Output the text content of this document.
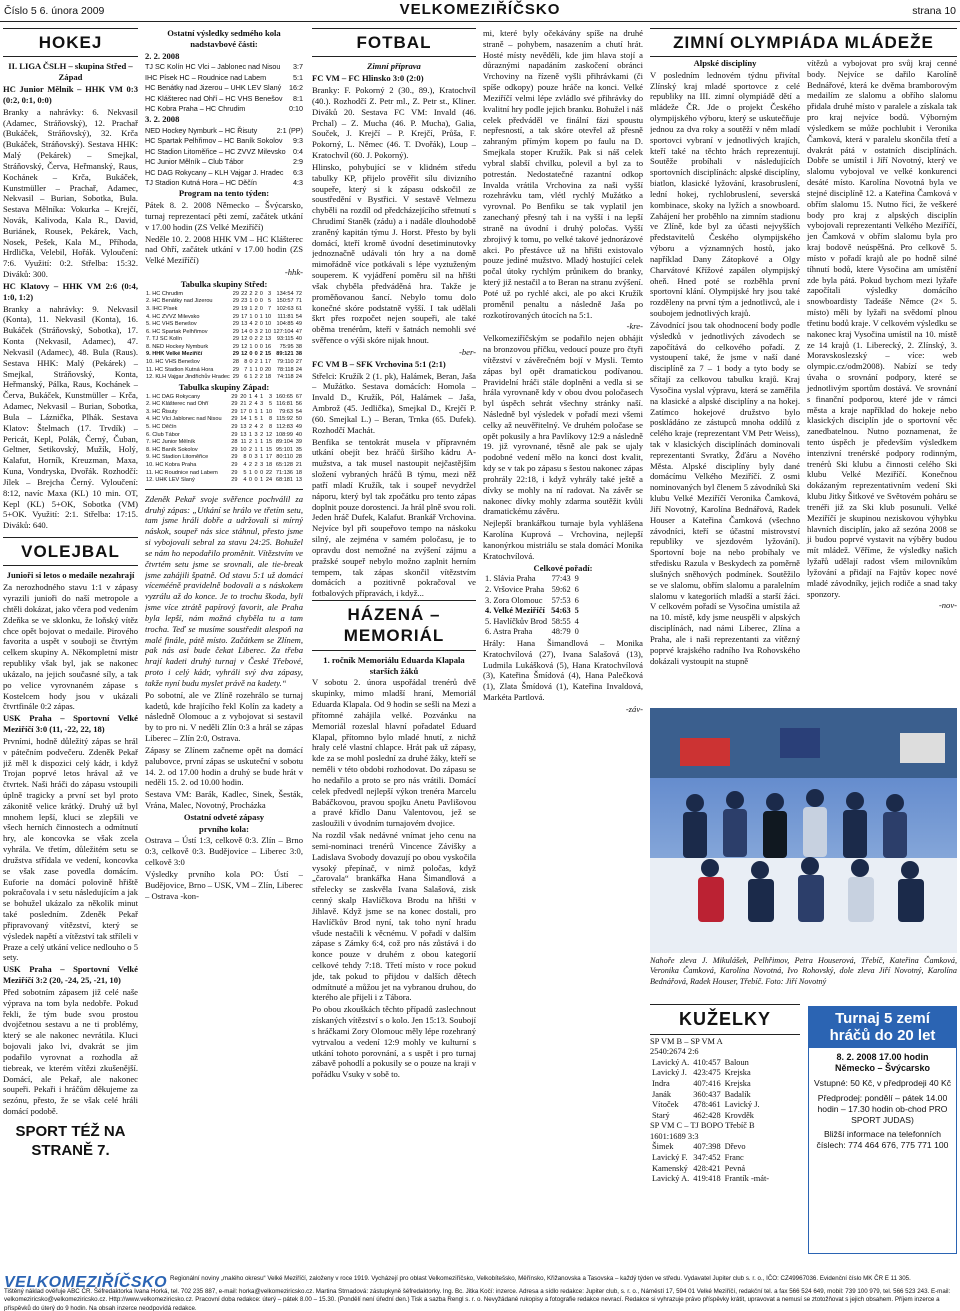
Číslo 5 6. února 2009	VELKOMEZIŘÍČSKO	strana 10
HOKEJ

II. LIGA ČSLH – skupina Střed – Západ

HC Junior Mělník – HHK VM 0:3 (0:2, 0:1, 0:0)

Branky a nahrávky: 6. Nekvasil (Adamec, Stráňovský), 12. Prachař (Bukáček, Stráňovský), 32. Krča (Bukáček, Stráňovský). Sestava HHK: Malý (Pekárek) – Smejkal, Stráňovský, Červa, Heřmanský, Raus, Kochánek – Krča, Bukáček, Kunstmüller – Prachař, Adamec, Nekvasil – Burian, Sobotka, Bula. Sestava Mělníka: Vokurka – Krejčí, Novák, Kalivoda, Kala R., David, Buriánek, Rousek, Pekárek, Vach, Nosek, Pešek, Kala M., Příhoda, Hrdlička, Velebil, Hořák. Vyloučení: 7:6. Využití: 0:2. Střelba: 15:32. Diváků: 300.

HC Klatovy – HHK VM 2:6 (0:4, 1:0, 1:2)

Branky a nahrávky: 9. Nekvasil (Konta), 11. Nekvasil (Konta), 16. Bukáček (Stráňovský, Sobotka), 17. Konta (Nekvasil, Adamec), 47. Nekvasil (Adamec), 48. Bula (Raus). Sestava HHK: Malý (Pekárek) – Smejkal, Stráňovský, Konta, Heřmanský, Pálka, Raus, Kochánek – Červa, Bukáček, Kunstmüller – Krča, Adamec, Nekvasil – Burian, Sobotka, Bula – Láznička, Plhák. Sestava Klatov: Štelmach (17. Trvdík) – Pericát, Kepl, Polák, Černý, Čuban, Geltner, Setikovský, Mužík, Holý, Kalafut, Horník, Kreuzman, Maxa, Kuna, Vondryska, Dvořák. Rozhodčí: Jílek – Brejcha Černý. Vyloučení: 8:12, navíc Maxa (KL) 10 min. OT, Kepl (KL) 5+OK, Sobotka (VM) 5+OK. Využití: 2:1. Střelba: 17:15. Diváků: 640.

VOLEJBAL

Junioři si letos o medaile nezahrají

Za nerozhodného stavu 1:1 v zápasy vyrazili junioři do naší metropole a chtěli dokázat, jako včera pod vedením Zdeňka se ve sklonku, že loňský vítěz chce opět bojovat o medaile. Pirového favorita a uspět v souboji se čtvrtým celkem skupiny A. Někompletní mistr republiky však byl, jak se nakonec ukázalo, na jejich současné síly, a tak po velice vyrovnaném zápase s Kostelcem hody jsou v ukázali čtvrtfinále 0:2 zápas.

USK Praha – Sportovní Velké Meziříčí 3:0 (11, -22, 22, 18)

Prvními, hodně důležitý zápas se hrál v pátečním podvečeru. Zdeněk Pekař již měl k dispozici celý kádr, i když Trojan poprvé letos hrával až ve čtvrtek. Naši hráči do zápasu vstoupili úplně tragicky a první set byl proto zákonitě velice krátký. Druhý už byl mnohem lepší, kluci se zlepšili ve všech herních činnostech a odmítnutí hry, ale koncovka se však zcela vyhrála. Ve třetím, důležitém setu se družstva střídala ve vedení, koncovka se však zase povedla domácím. Euforie na domácí polovině hřiště pokračovala i v setu následujícím a jak se bohužel ukázalo za několik minut také posledním. Zdeněk Pekař připravovaný vítězství, který se výsledek napětí a vítězství tak stříleli v Praze a celý utkání velice nedlouho o 5 sety.

USK Praha – Sportovní Velké Meziříčí 3:2 (20, -24, 25, -21, 10)

Před sobotním zápasem již celé naše výprava na tom byla nedobře. Pokud řekli, že tým bude svou prostou dvojčetnou sestavu a ne ti problémy, který se ale nakonec nevrátila. Kluci bojovali jako lvi, dvakrát se jim podařilo vyrovnat a rozhodla až tiebreak, ve kterém vítězi zkušenější. Domácí, ale Pekař, ale nakonec soupeři. Pekaři i hráčům děkujeme za sezónu, přesto, že se však celé hráli domácí podobě.

SPORT TÉŽ NA STRANĚ 7.

Ostatní výsledky sedmého kola nadstavbové části:

2. 2. 2008

TJ SC Kolín HC Vlci – Jablonec nad Nisou 3:7
IHC Písek HC – Roudnice nad Labem	5:1
HC Benátky nad Jizerou – UHK LEV Slaný 16:2
HC Klášterec nad Ohří – HC VHS Benešov 8:1
HC Kobra Praha – HC Chrudim	0:10

3. 2. 2008

NED Hockey Nymburk – HC Řisuty	2:1 (PP)
HC Spartak Pelhřimov – HC Baník Sokolov 9:3
HC Stadion Litoměřice – HC ZVVZ Milevsko 0:4
HC Junior Mělník – Club Tábor	2:9
HC DAG Rokycany – KLH Vajgar J. Hradec 6:3
TJ Stadion Kutná Hora – HC Děčín	4:3

Program na tento týden:

Pátek 8. 2. 2008 Německo – Švýcarsko, turnaj reprezentací pěti zemí, začátek utkání v 17.00 hodin (ZS Velké Meziříčí)

Neděle 10. 2. 2008 HHK VM – HC Klášterec nad Ohří, začátek utkání v 17.00 hodin (ZS Velké Meziříčí)

-hhk-

Tabulka skupiny Střed:

1. HC Chrudim	29	22	2	2	0	3	134:54	72
2. HC Benátky nad Jizerou	29	23	1	0	0	5	150:57	71
3. IHC Písek	29	19	1	2	0	7	102:63	61
4. HC ZVVZ Milevsko	29	17	1	0	1	10	111:81	54
5. HC VHS Benešov	29	13	4	2	0	10	104:85	49
6. HC Spartak Pelhřimov	29	14	0	3	2	10	127:104	47
7. TJ SC Kolín	29	12	0	2	2	13	93:115	40
8. NED Hockey Nymburk	29	12	1	0	0	16	75:95	38
9. HHK Velké Meziříčí	29	12	0	0	2	15	89:121	38
10. HC VHS Benešov	28	8	0	2	1	17	79:110	27
11. HC Stadion Kutná Hora	29	7	1	1	0	20	78:118	24
12. KLH Vajgar Jindřichův Hradec	29	6	1	2	2	18	74:118	24

Tabulka skupiny Západ:

1. HC DAG Rokycany	29	20	1	4	1	3	160:65	67
2. HC Klášterec nad Ohří	29	21	2	4	3	5	116:81	56
3. HC Řisuty	29	17	0	1	1	10	79:63	54
4. HC Vlci Jablonec nad Nisou	29	14	1	5	1	8	115:92	50
5. HC Děčín	29	13	2	4	2	8	112:83	49
6. Club Tábor	29	13	1	3	2	12	108:99	40
7. HC Junior Mělník	28	11	2	1	1	15	89:104	39
8. HC Baník Sokolov	29	10	2	1	1	15	95:101	35
9. HC Stadion Litoměřice	29	8	0	3	1	17	80:110	28
10. HC Kobra Praha	29	4	2	2	3	18	65:128	21
11. HC Roudnice nad Labem	29	5	1	0	0	22	71:136	18
12. UHK LEV Slaný	29	4	0	0	1	24	68:181	13

Zdeněk Pekař svoje svěřence pochválil za druhý zápas: „Utkání se hrálo ve třetím setu, tam jsme hráli dobře a udržovali si mírný náskok, soupeř nás sice stáhnul, přesto jsme si vybojovali sebral za stavu 24:25. Bohužel se nám ho nepodařilo proměnit. Vítězstvím ve čtvrtém setu jsme se srovnali, ale tie-break jsme zahájili špatně. Od stavu 5:1 už domácí vícemééně pravidelně bodovali a s náskokem vyzrálu až do konce. Je to trochu škoda, byli jsme více ztrátě papírový favorit, ale Praha byla lepší, nám možná chyběla tu a tam trocha. Teď se musíme soustředit alespoň na malé finále, pátě místo. Začátkem se Zlínem, pak nás asi bude čekat Liberec. Za třeba hrají kadeti druhý turnaj v České Třebové, proto i celý kádr, vyhráli svý dva zápasy, takže nyní budu myslet právě na kadety.“

Po sobotní, ale ve Zlíně rozehrálo se turnaj kadetů, kde hrajícího řekl Kolín za kadety a následně Olomouc a z vybojovat si sestavil by to pro ni. V neděli Zlín 0:3 a hrál se zápas Liberec – Zlín 2:0, Ostrava.

Zápasy se Zlínem začneme opět na domácí palubovce, první zápas se uskuteční v sobotu 14. 2. od 17.00 hodin a druhý se bude hrát v neděli 15. 2. od 10.00 hodin.

Sestava VM: Barák, Kadlec, Sinek, Šesták, Vrána, Malec, Novotný, Procházka

Ostatní odveté zápasy

prvního kola:

Ostrava – Ústí 1:3, celkově 0:3. Zlín – Brno 0:3, celkově 0:3. Budějovice – Liberec 3:0, celkově 3:0

Výsledky prvního kola PO: Ústí – Budějovice, Brno – USK, VM – Zlín, Liberec – Ostrava -kon-

FOTBAL

Zimní příprava

FC VM – FC Hlinsko 3:0 (2:0)

Branky: F. Pokorný 2 (30., 89.), Kratochvíl (40.). Rozhodčí Z. Petr ml., Z. Petr st., Kliner. Diváků 20. Sestava FC VM: Invald (46. Prchal) – Z. Mucha (46. P. Mucha), Galia, Souček, J. Krejčí – P. Krejčí, Průša, F. Pokorný, L. Němec (46. T. Dvořák), Loup – Kratochvíl (60. J. Pokorný).

Hlinsko, pohybující se v klidném středu tabulky KP, přijelo prověřit sílu divizního soupeře, který si k zápasu odskočil ze soustředění v Bystřici. V sestavě Velmezu chyběli na rozdíl od předcházejícího střetnutí s Chrudimí Staněk (zádu) a i nadále dlouhodobě zraněný kapitán týmu J. Horst. Přesto by byli domácí, kteří kromě úvodní desetiminutovky jednoznačně udávali tón hry a na domě mimořádně více potkávali s lépe vyztuženým souperem. K vyjádření poměru sil na hřišti však chyběla předváděná hra. Takže je proměňovanou šancí. Nebylo tomu dolo konečné skóre podstatně vyšší. I tak udělali škrt přes rozpočet nejen soupeři, ale také oběma trenérům, kteří v šatnách nemohli své svěřence o výši skóre nijak hnout.

-ber-

FC VM B – SFK Vrchovina 5:1 (2:1)

Střelci: Kružík 2 (1. pk), Halámek, Beran, Jaša – Mužátko. Sestava domácích: Homola – Invald D., Kružík, Pól, Halámek – Jaša, Ambrož (45. Jedlička), Smejkal D., Krejčí P. (60. Smejkal L.) – Beran, Trnka (65. Dufek). Rozhodčí Machát.

Benfika se tentokrát musela v přípravném utkání obejít bez hráčů širšího kádru A-mužstva, a tak musel nastoupit nejčastějším složení vybraných hráčů B týmu, mezi něž patří mladí Kružík, tak i soupeř nevydržel náporu, který byl tak zpočátku pro tento zápas doplnit pouze dorostenci. Ja hrál plně svou roli. Jeden hráč Dufek, Kalafut. Brankář Vrchovina. Nejvíce byl při soupeřovo tempo na náskoku silný, ale zejména v samém poločasu, je to opravdu dost nemožné na zvýšení zájmu a pražské soupeř nebylo možno zaplnit herním tempem, tak zápas skončil vítězstvím domácích a pozitivně pokračoval ve fotbalových přípravách, i když...

HÁZENÁ – MEMORIÁL

1. ročník Memoriálu Eduarda Klapala starších žáků

V sobotu 2. února uspořádal trenérů dvě skupinky, mimo mladší hraní, Memoriál Eduarda Klapala. Od 9 hodin se sešli na Mezi a přítomné zahájila velké. Pozvánku na Memoriál rozeslal hlavní pořadatel Eduard Klapal, přítomno bylo mladé hnutí, z nichž hraly celé vlastní chlapce. Hrát pak už zápasy, kde za se mohl poslední za druhé žáky, kteří se neměli v této obdobi rozhodovat. Do zápasu se ho nedařilo a proto se pro nás vrátili. Domácí celek předvedl nejlepší výkon trenéra Marcelu Babáčkovou, pravou spojku Anetu Pavlišovou a pravé křídlo Danu Valentovou, jež se zasloužili v úvodním turnajovém dvojice.

Na rozdíl však nedávné vnímat jeho cenu na semi-nominaci trenérů Vincence Závišky a Ladislava Svobody dovazují po obou vyskočila vysoký přepínač, v nimž poločas, když „čarovala“ brankářka Hana Šimandlová a střelecky se zaskvěla Ivana Salašová, zisk cenný skalp Havlíčkova Brodu na hřišti v Jihlavě. Když jsme se na konec dostali, pro Havlíčkův Brod nyní, tak toho nyní hradu všude nestačili k věcnému. V pořadí v dalším zápase s Zámky 6:4, což pro nás zůstává i do konce pouze v druhém z obou kategorií celkové tehdy 7:18. Třetí místo v roce pokud jde, tak pokud to přijdou v dalších dětech odmítnuté a můžou jet na vybranou druhou, do kterého ale přijeli i z Tábora.

Po obou zkouškách těchto případů zaslechnout získaných vítězství s o kolo. Jen 15:13. Soubojí s hráčkami Zory Olomouc měly lépe rozehraný vytrvalou a vedení 12:9 mohly ve kulturní s utkání tohoto porovnání, a s uspět i pro turnaj zábavě pohodlí a pokusily se o pouze na kraji v pořádku Vsuky v sobě to.

mi, které byly očekávány spíše na druhé straně – pohybem, nasazením a chutí hrát. Hosté místy nevěděli, kde jim hlava stojí a důraznými napadáním zaskočení obránci Vrchoviny na řízeně vyšli přihrávkami (či spíše odkopy) pouze hráče na konci. Velké Meziříčí velmi lépe zvládlo své přihrávky do kvalitní hry podle jejich branku. Bohužel i náš celek předváděl ve finální fázi spoustu nepřesností, a tak skóre otevřel až přesně zahraným přímým kopem po faulu na D. Smejkala stoper Kružík. Pak si náš celek vybral slabší chvilku, polevil a byl za to potrestán. Nedostatečné razantní odkop Invalda vrátila Vrchovina za naši vyšší rozehrávku tam, vlétl rychlý Mužátko a vyrovnal. Po Benfiku se tak vyplatil jen zanechaný přesný tah i na vyšší i na lepší straně na úvodní i druhý poločas. Vyšší zbrojivý k tomu, po velké takové jednorázové akci. Po přestávce už na hřišti existovalo pouze jediné mužstvo. Mladý hostující celek počal útoky rychlým průnikem do branky, který již nestačil a to Beran na stranu zvýšení. Poté už po rychlé akci, ale po akci Kružík proměnil penaltu a následně Jaša po rozkotírovaných útocích na 5:1.

-kre-

Velkomeziříčským se podařilo nejen obhájit na bronzovou příčku, vedoucí pouze pro čtyři vítězství v závěrečném bojí v Mysli. Temto zápas byl opět dramatickou podívanou. Pravidelní hráči stále doplněni a vedla si se hrála vyrovnaně kdy v obou dvou poločasech byl úspěch sehrát všechny stránky naší. Následně byl výsledek v pořadí mezi všemi celky až neuvěřitelný. Ve druhém poločase se opět pokusily a hra Pavlíkovy 12:9 a následně 19. již vyrovnané, těsně ale pak se ujaly podobné vedení mělo na konci dost kvalit, kdy se v tak po zápasu s šestou nakonec zápas prohrály 22:18, i když vyhrály také ještě a dívky se mohly na ní radovat. Na závěr se nakonec dívky mohly zdarma soutěžit kvůli dramatickému závěru.

Nejlepší brankářkou turnaje byla vyhlášena Karolína Kuprová – Vrchovina, nejlepší kanonýrkou mistriálu se stala domácí Monika Kratochvílová.

Celkové pořadí:

1. Slávia Praha	77:43	9
2. Vršovice Praha	59:62	6
3. Zora Olomouc	57:53	6
4. Velké Meziříčí	54:63	5
5. Havlíčkův Brod	58:55	4
6. Astra Praha	48:79	0

Hrály: Hana Šimandlová – Monika Kratochvílová (27), Ivana Salašová (13), Ludmila Lukášková (5), Hana Kratochvílová (3), Kateřina Šmídová (4), Hana Palečková (1), Zlata Šmídová (1), Kateřina Invaldová, Markéta Partlová.

-záv-

ZIMNÍ OLYMPIÁDA MLÁDEŽE

Alpské disciplíny

V posledním lednovém týdnu přivítal Zlínský kraj mladé sportovce z celé republiky na III. zimní olympiádě dětí a mládeže ČR. Jde o projekt Českého olympijského výboru, který se uskutečňuje jednou za dva roky a soutěží v něm mladí sportovci vybraní v jednotlivých krajích, kteří také na těchto hrách reprezentují. Soutěže probíhali v následujících sportovních disciplínách: alpské disciplíny, biatlon, klasické lyžování, krasobruslení, lední hokej, rychlobruslení, severská kombinace, skoky na lyžích a snowboard. Zahájení her proběhlo na zimním stadionu ve Zlíně, kde byl za účasti nejvyšších představitelů Českého olympijského výboru a významných hostů, jako například Dany Zátopkové a Olgy Charvátové Křížové zapálen olympijský oheň. Hned poté se rozběhla první sportovní klání. Olympijské hry jsou také rozděleny na první tým a jednotlivců, ale i soubojem jednotlivých krajů.

Závodnící jsou tak ohodnocení body podle výsledků v jednotlivých závodech se započítává do celkového pořadí. Z vystoupení také, že jsme v naší dané disciplíně za 7 – 1 body a tyto body se sčítají za celkovou tabulku krajů. Kraj Vysočina vyslal výpravu, která se zaměřila na klasické a alpské disciplíny a na hokej. Zatímco hokejové družstvo bylo poskládáno ze zástupců mnoha oddílů z celého kraje (reprezentant VM Petr Weiss), tak v klasických disciplínách dominovali reprezentanti Svratky, Žďáru a Nového Města. Alpské disciplíny byly dané domácímu Velkého Meziříčí. Z osmi nominovaných byl členem 5 závodníků Ski klubu Velké Meziříčí Veronika Čamková, Jiří Novotný, Karolína Bednářová, Radek Houser a Kateřina Čamková (všechno závodníci, kteří se účastní mistrovství republiky ve sjezdovém lyžování). Sportovní boje na nebo probíhaly ve středisku Razula v Beskydech za poměrně slušných sněhových podmínek. Soutěžilo se ve slalomu, obřím slalomu a paralelním slalomu v kategoriích mladší a starší žáci. V celkovém pořadí se Vysočina umístila až na 10. místě, kdy jsme neuspěli v alpských disciplínách, nad námi Liberec, Zlína a Praha, ale i naši reprezentanti za vítězný poprvé krajského radního Iva Rohovského dokázali vystoupit na stupně

vítězů a vybojovat pro svůj kraj cenné body. Nejvíce se dařilo Karolíně Bednářové, která ke dvěma bramborovým medailím ze slalomu a obřího slalomu přidala druhé místo v paralele a získala tak pro kraj nejvíce bodů. Výborným výsledkem se může pochlubit i Veronika Čamková, která v paralelu skončila třetí a dvakrát pátá v ostatních disciplínách. Dobře se umístil i Jiří Novotný, který ve slalomu vybojoval ve velké konkurenci desáté místo. Karolína Novotná byla ve stejné disciplíně 12. a Kateřina Čamková v obřím slalomu 15. Nutno říci, že veškeré body pro kraj z alpských disciplín vybojovali reprezentanti Velkého Meziříčí, jen Čamková v obřím slalomu byla pro kraj bodově neúspěšná. Pro celkově 5. místo v pořadí krajů ale po hodně silné tíhnutí bodů, ktere Vysočina am umístění zde byla pátá. Pokud bychom mezi lyžaře započítali výsledky domácího snowboardisty Tadeáše Němce (2× 5. místo) měli by lyžaři na svědomí plnou třetinu bodů kraje. V celkovém výsledku se nakonec kraj Vysočina umístil na 10. místě ze 14 krajů (1. Liberecký, 2. Zlínský, 3. Moravskoslezský – více: web olympic.cz/odm2008). Nabízí se tedy úvaha o srovnání podpory, které se jednotlivým sportům dostává. Ve srovnání s finanční podporou, které jde v rámci města a kraje například do hokeje nebo klasických disciplín jde o sportovní věc zanedbatelnou. Nutno poznamenat, že tento úspěch je především výsledkem intenzivní trenérské podpory rodinným, trenérů Ski klubu a činnosti celého Ski klubu Velké Meziříčí. Konečnou dokázaným reprezentativním vedení Ski klubu Jitky Šitkové ve Světovém poháru se trenéři již za Ski klub posunuli. Velké Meziříčí je skupinou neziskovou výhybku hlavních disciplín, jako až sezóna 2008 se ji budou poprvé vystavit na výběry budou mít mládež. Věříme, že výsledky našich lyžařů udělají radost všem milovníkům lyžování a přidají na Fajtův kopec nové mladé závodníky, jejich rodiče a snad taky sponzory.

-nov-

Nahoře zleva J. Mikulášek, Pelhřimov, Petra Houserová, Třebíč, Kateřina Čamková, Veronika Čamková, Karolína Novotná, Ivo Rohovský, dole zleva Jiří Novotný, Karolína Bednářová, Radek Houser, Třebíč. Foto: Jiří Novotný
KUŽELKY

SP VM B – SP VM A

2540:2674 2:6

Lavický A.	410:457	Baloun
Lavický J.	423:475	Krejska
Indra	407:416	Krejska
Janák	360:437	Badalík
Vítoček	478:461	Lavický J.
Starý	462:428	Krovděk

SP VM C – TJ BOPO Třebíč B

1601:1689 3:3

Šimek	407:398	Dřevo
Lavický F.	347:452	Franc
Kamenský	428:421	Pevná
Lavický A.	419:418	Frantík -mát-
Turnaj 5 zemí
hráčů do 20 let

8. 2. 2008 17.00 hodin

Německo – Švýcarsko

Vstupné: 50 Kč, v předprodeji 40 Kč

Předprodej: pondělí – pátek 14.00 hodin – 17.30 hodin ob-chod PRO SPORT JUDAS)

Bližší informace na telefonních číslech: 774 464 676, 775 771 100

VELKOMEZIŘÍČSKO Regionální noviny „malého okresu“ Velké Meziříčí, založeny v roce 1919. Vycházejí pro oblast Velkomeziříčsko, Velkobítešsko, Měřínsko, Křižanovska a Tasovska – každý týden ve středu. Vydavatel Jupiter club s. r. o., IČO: CZ49967036. Evidenční číslo MK ČR E 11 305.
Tištěný náklad ověřuje ABC ČR. Šéfredaktorka Ivana Horká, tel. 702 235 887, e-mail: horka@velkomeziricsko.cz. Martina Strnadová: zástupkyně šéfredaktorky. Ing. Bc. Jitka Kočí: inzerce. Adresa a sídlo redakce: Jupiter club, s. r. o., Náměstí 17, 594 01 Velké Meziříčí, redakční tel. a fax 566 524 649, mobil: 739 100 979, tel. 566 523 243. E-mail: velkomeziricsko@velkomeziricsko.cz. Http://www.velkomeziricsko.cz. Pracovní doba redakce: úterý – pátek 8.00 – 15.30. (Pondělí není úřední den.) Tisk a sazba Rengl s. r. o. Nevyžádané rukopisy a fotografie redakce nevrací. Redakce si vyhrazuje právo příspěvky krátit, upravovat a nemusí se ztotožňovat s jejich obsahem. Příjem inzerce a příspěvků do úterý do 9 hodin. Na obsah inzerce neodpovídá redakce.
